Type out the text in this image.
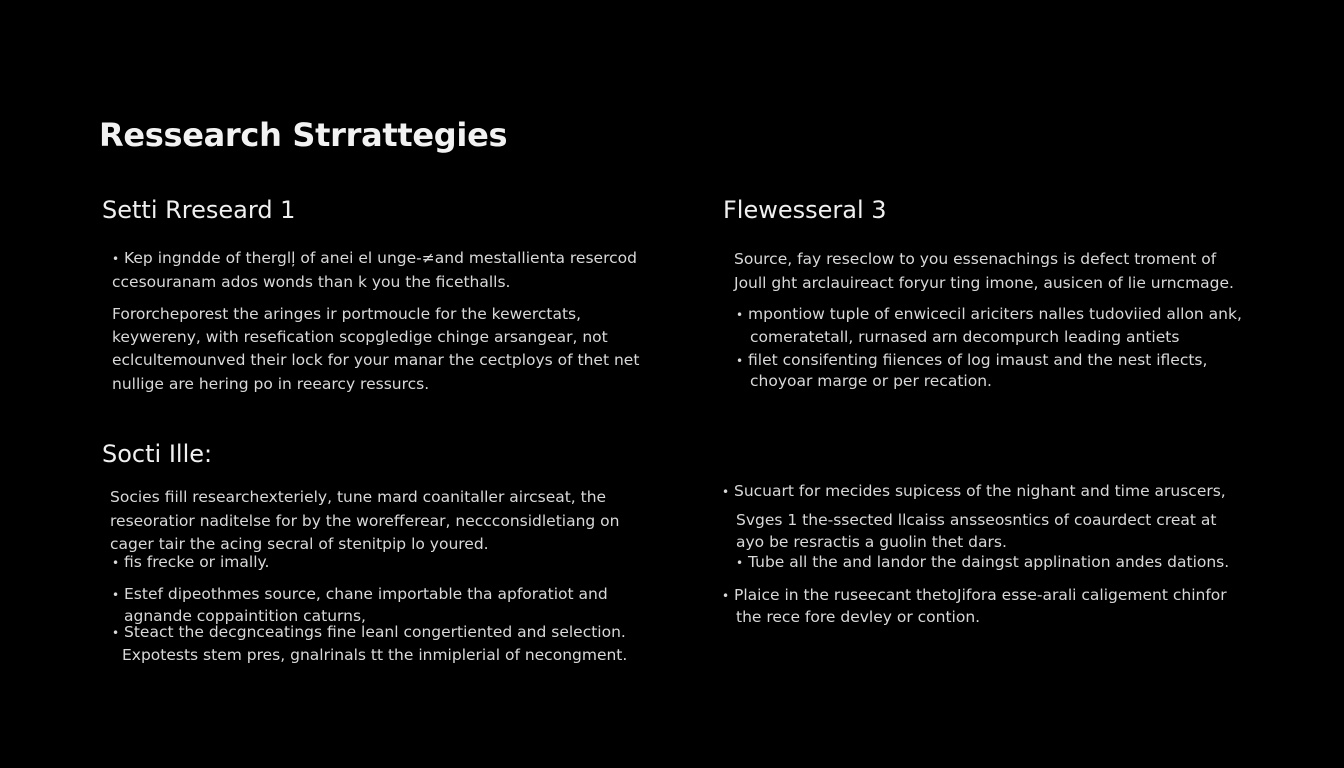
Ressearch Strrattegies
Setti Rreseard 1
• Kep ingndde of therglļ of anei el unge-≠and mestallienta resercod
ccesouranam ados wonds than k you the ficethalls.
Fororcheporest the aringes ir portmoucle for the kewerctats,
keywereny, with resefication scopgledige chinge arsangear, not
eclcultemounved their lock for your manar the cectploys of thet net
nullige are hering po in reearcy ressurcs.
Socti Ille:
Socies fiill researchexteriely, tune mard coanitaller aircseat, the
reseoratior naditelse for by the worefferear, neccconsidletiang on
cager tair the acing secral of stenitpip lo youred.
• fis frecke or imally.
• Estef dipeothmes source, chane importable tha apforatiot and
agnande coppaintition caturns,
• Steact the decgnceatings fine leanl congertiented and selection.
Expotests stem pres, gnalrinals tt the inmiplerial of necongment.
Flewesseral 3
Source, fay reseclow to you essenachings is defect troment of
Joull ght arclauireact foryur ting imone, ausicen of lie urncmage.
• mpontiow tuple of enwicecil ariciters nalles tudoviied allon ank,
comeratetall, rurnased arn decompurch leading antiets
• filet consifenting fiiences of log imaust and the nest iflects,
choyoar marge or per recation.
• Sucuart for mecides supicess of the nighant and time aruscers,
Svges 1 the-ssected llcaiss ansseosntics of coaurdect creat at
ayo be resractis a guolin thet dars.
• Tube all the and landor the daingst applination andes dations.
• Plaice in the ruseecant thetoJifora esse-arali caligement chinfor
the rece fore devley or contion.
